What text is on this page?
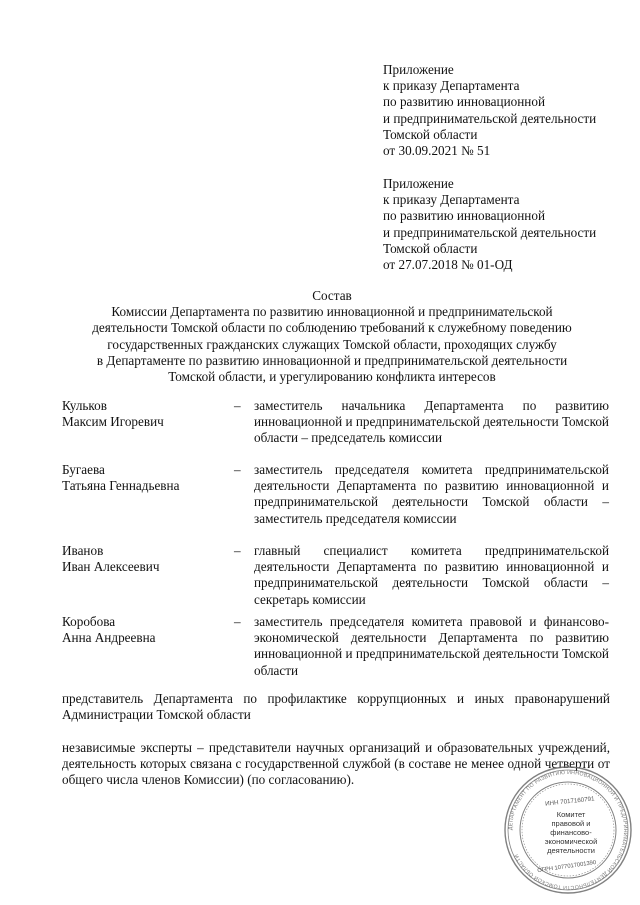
Приложение
к приказу Департамента
по развитию инновационной
и предпринимательской деятельности
Томской области
от 30.09.2021 № 51
Приложение
к приказу Департамента
по развитию инновационной
и предпринимательской деятельности
Томской области
от 27.07.2018 № 01-ОД
Состав
Комиссии Департамента по развитию инновационной и предпринимательской
деятельности Томской области по соблюдению требований к служебному поведению
государственных гражданских служащих Томской области, проходящих службу
в Департаменте по развитию инновационной и предпринимательской деятельности
Томской области, и урегулированию конфликта интересов
Кульков
Максим Игоревич
– заместитель начальника Департамента по развитию инновационной и предпринимательской деятельности Томской области – председатель комиссии
Бугаева
Татьяна Геннадьевна
– заместитель председателя комитета предпринимательской деятельности Департамента по развитию инновационной и предпринимательской деятельности Томской области – заместитель председателя комиссии
Иванов
Иван Алексеевич
– главный специалист комитета предпринимательской деятельности Департамента по развитию инновационной и предпринимательской деятельности Томской области – секретарь комиссии
Коробова
Анна Андреевна
– заместитель председателя комитета правовой и финансово-экономической деятельности Департамента по развитию инновационной и предпринимательской деятельности Томской области
представитель Департамента по профилактике коррупционных и иных правонарушений Администрации Томской области
независимые эксперты – представители научных организаций и образовательных учреждений, деятельность которых связана с государственной службой (в составе не менее одной четверти от общего числа членов Комиссии) (по согласованию).
ДЕПАРТАМЕНТ ПО РАЗВИТИЮ ИННОВАЦИОННОЙ И ПРЕДПРИНИМАТЕЛЬСКОЙ ДЕЯТЕЛЬНОСТИ ТОМСКОЙ ОБЛАСТИ
ИНН 7017160791
Комитет
правовой и
финансово-
экономической
деятельности
ОГРН 1077017001390
